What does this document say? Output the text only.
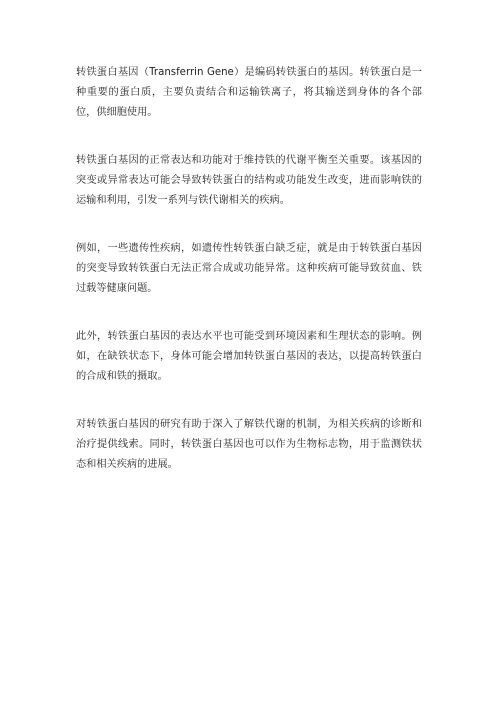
转铁蛋白基因（Transferrin Gene）是编码转铁蛋白的基因。转铁蛋白是一种重要的蛋白质，主要负责结合和运输铁离子，将其输送到身体的各个部位，供细胞使用。

转铁蛋白基因的正常表达和功能对于维持铁的代谢平衡至关重要。该基因的突变或异常表达可能会导致转铁蛋白的结构或功能发生改变，进而影响铁的运输和利用，引发一系列与铁代谢相关的疾病。

例如，一些遗传性疾病，如遗传性转铁蛋白缺乏症，就是由于转铁蛋白基因的突变导致转铁蛋白无法正常合成或功能异常。这种疾病可能导致贫血、铁过载等健康问题。

此外，转铁蛋白基因的表达水平也可能受到环境因素和生理状态的影响。例如，在缺铁状态下，身体可能会增加转铁蛋白基因的表达，以提高转铁蛋白的合成和铁的摄取。

对转铁蛋白基因的研究有助于深入了解铁代谢的机制，为相关疾病的诊断和治疗提供线索。同时，转铁蛋白基因也可以作为生物标志物，用于监测铁状态和相关疾病的进展。
